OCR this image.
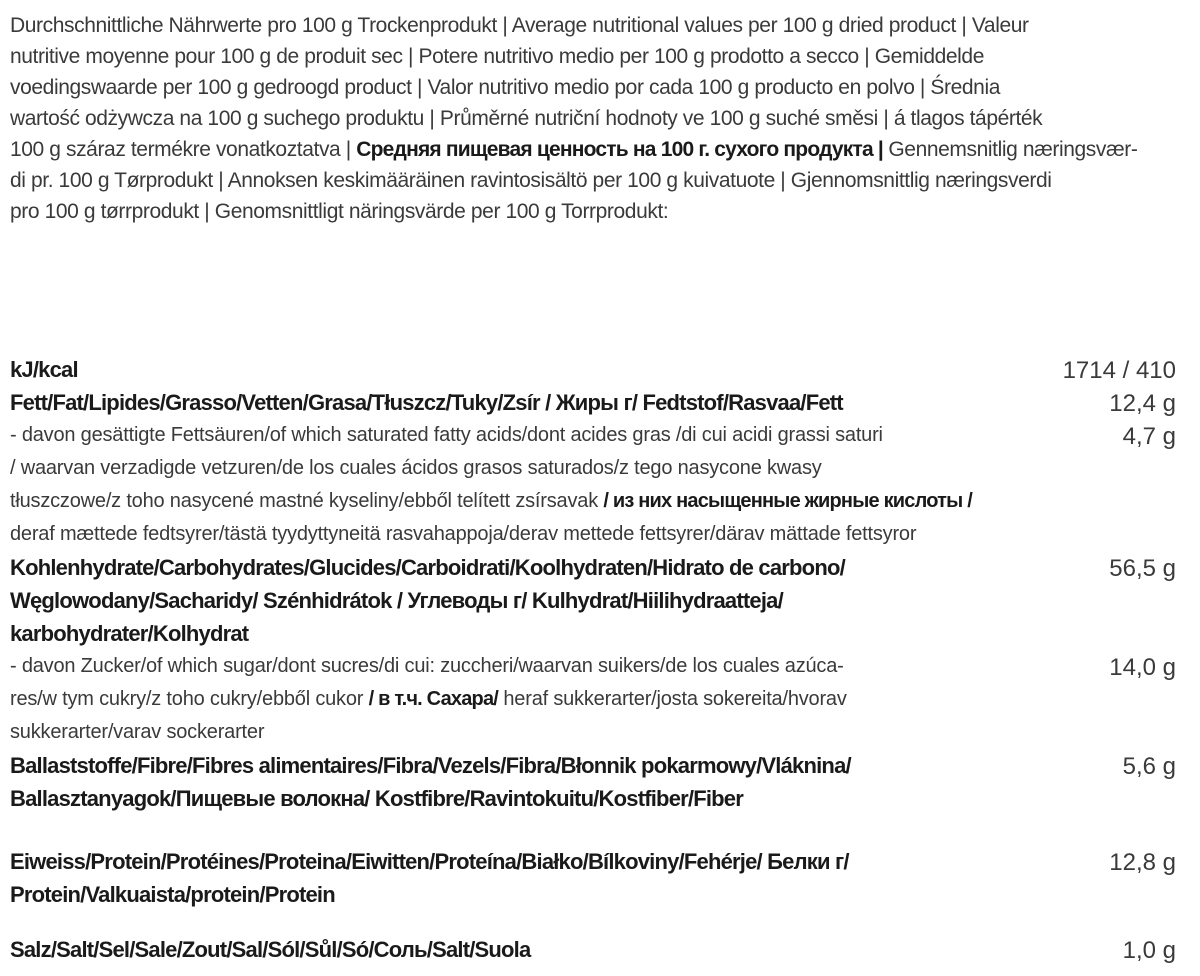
Durchschnittliche Nährwerte pro 100 g Trockenprodukt | Average nutritional values per 100 g dried product | Valeur
nutritive moyenne pour 100 g de produit sec | Potere nutritivo medio per 100 g prodotto a secco | Gemiddelde
voedingswaarde per 100 g gedroogd product | Valor nutritivo medio por cada 100 g producto en polvo | Średnia
wartość odżywcza na 100 g suchego produktu | Průměrné nutriční hodnoty ve 100 g suché směsi | á tlagos tápérték
100 g száraz termékre vonatkoztatva | Средняя пищевая ценность на 100 г. сухого продукта | Gennemsnitlig næringsvær-
di pr. 100 g Tørprodukt | Annoksen keskimääräinen ravintosisältö per 100 g kuivatuote | Gjennomsnittlig næringsverdi
pro 100 g tørrprodukt | Genomsnittligt näringsvärde per 100 g Torrprodukt:

kJ/kcal	1714 / 410
Fett/Fat/Lipides/Grasso/Vetten/Grasa/Tłuszcz/Tuky/Zsír / Жиры г/ Fedtstof/Rasvaa/Fett	12,4 g
- davon gesättigte Fettsäuren/of which saturated fatty acids/dont acides gras /di cui acidi grassi saturi
/ waarvan verzadigde vetzuren/de los cuales ácidos grasos saturados/z tego nasycone kwasy
tłuszczowe/z toho nasycené mastné kyseliny/ebből telített zsírsavak / из них насыщенные жирные кислоты /
deraf mættede fedtsyrer/tästä tyydyttyneitä rasvahappoja/derav mettede fettsyrer/därav mättade fettsyror
4,7 g
Kohlenhydrate/Carbohydrates/Glucides/Carboidrati/Koolhydraten/Hidrato de carbono/
Węglowodany/Sacharidy/ Szénhidrátok / Углеводы г/ Kulhydrat/Hiilihydraatteja/
karbohydrater/Kolhydrat
56,5 g
- davon Zucker/of which sugar/dont sucres/di cui: zuccheri/waarvan suikers/de los cuales azúca-
res/w tym cukry/z toho cukry/ebből cukor / в т.ч. Сахара/ heraf sukkerarter/josta sokereita/hvorav
sukkerarter/varav sockerarter
14,0 g
Ballaststoffe/Fibre/Fibres alimentaires/Fibra/Vezels/Fibra/Błonnik pokarmowy/Vláknina/
Ballasztanyagok/Пищевые волокна/ Kostfibre/Ravintokuitu/Kostfiber/Fiber
5,6 g
Eiweiss/Protein/Protéines/Proteina/Eiwitten/Proteína/Białko/Bílkoviny/Fehérje/ Белки г/
Protein/Valkuaista/protein/Protein
12,8 g
Salz/Salt/Sel/Sale/Zout/Sal/Sól/Sůl/Só/Соль/Salt/Suola	1,0 g
